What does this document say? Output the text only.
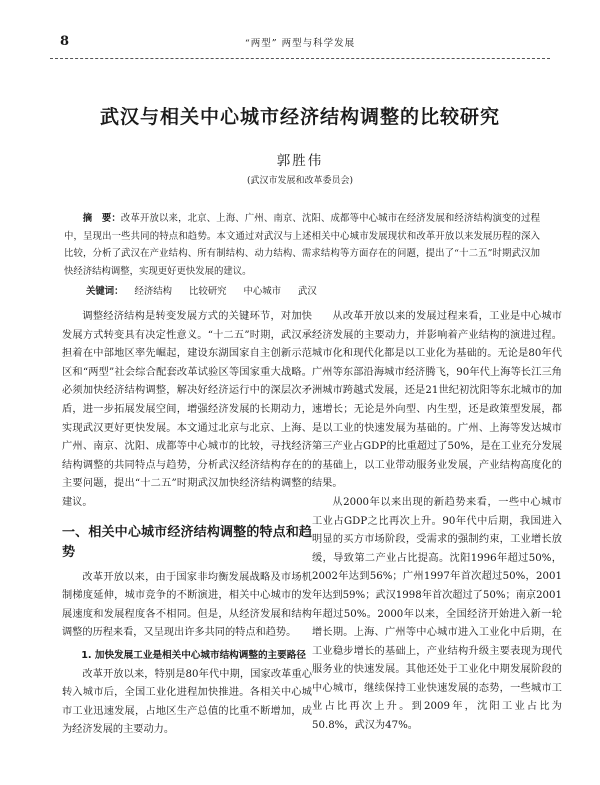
8	“两型” 两型与科学发展
武汉与相关中心城市经济结构调整的比较研究
郭胜伟
(武汉市发展和改革委员会)
摘　要：改革开放以来，北京、上海、广州、南京、沈阳、成都等中心城市在经济发展和经济结构演变的过程中，呈现出一些共同的特点和趋势。本文通过对武汉与上述相关中心城市发展现状和改革开放以来发展历程的深入比较，分析了武汉在产业结构、所有制结构、动力结构、需求结构等方面存在的问题，提出了“十二五”时期武汉加快经济结构调整，实现更好更快发展的建议。
关键词： 经济结构 比较研究 中心城市 武汉

调整经济结构是转变发展方式的关键环节，对加快发展方式转变具有决定性意义。“十二五”时期，武汉承担着在中部地区率先崛起，建设东湖国家自主创新示范区和“两型”社会综合配套改革试验区等国家重大战略。必须加快经济结构调整，解决好经济运行中的深层次矛盾，进一步拓展发展空间，增强经济发展的长期动力，实现武汉更好更快发展。本文通过北京与北京、上海、广州、南京、沈阳、成都等中心城市的比较，寻找经济结构调整的共同特点与趋势，分析武汉经济结构存在的主要问题，提出“十二五”时期武汉加快经济结构调整的建议。

一、相关中心城市经济结构调整的特点和趋势

改革开放以来，由于国家非均衡发展战略及市场机制梯度延伸，城市竞争的不断演进，相关中心城市的发展速度和发展程度各不相同。但是，从经济发展和结构调整的历程来看，又呈现出许多共同的特点和趋势。

1. 加快发展工业是相关中心城市结构调整的主要路径

改革开放以来，特别是80年代中期，国家改革重心转入城市后，全国工业化进程加快推进。各相关中心城市工业迅速发展，占地区生产总值的比重不断增加，成为经济发展的主要动力。

从改革开放以来的发展过程来看，工业是中心城市经济发展的主要动力，并影响着产业结构的演进过程。城市化和现代化都是以工业化为基础的。无论是80年代广州等东部沿海城市经济腾飞，90年代上海等长江三角洲城市跨越式发展，还是21世纪初沈阳等东北城市的加速增长；无论是外向型、内生型，还是政策型发展，都是以工业的快速发展为基础的。广州、上海等发达城市第三产业占GDP的比重超过了50%，是在工业充分发展的基础上，以工业带动服务业发展，产业结构高度化的结果。

从2000年以来出现的新趋势来看，一些中心城市工业占GDP之比再次上升。90年代中后期，我国进入明显的买方市场阶段，受需求的强制约束，工业增长放缓，导致第二产业占比提高。沈阳1996年超过50%，2002年达到56%；广州1997年首次超过50%，2001年达到59%；武汉1998年首次超过了50%；南京2001年超过50%。2000年以来，全国经济开始进入新一轮增长期。上海、广州等中心城市进入工业化中后期，在工业稳步增长的基础上，产业结构升级主要表现为现代服务业的快速发展。其他还处于工业化中期发展阶段的中心城市，继续保持工业快速发展的态势，一些城市工业占比再次上升。到2009年，沈阳工业占比为50.8%，武汉为47%。
